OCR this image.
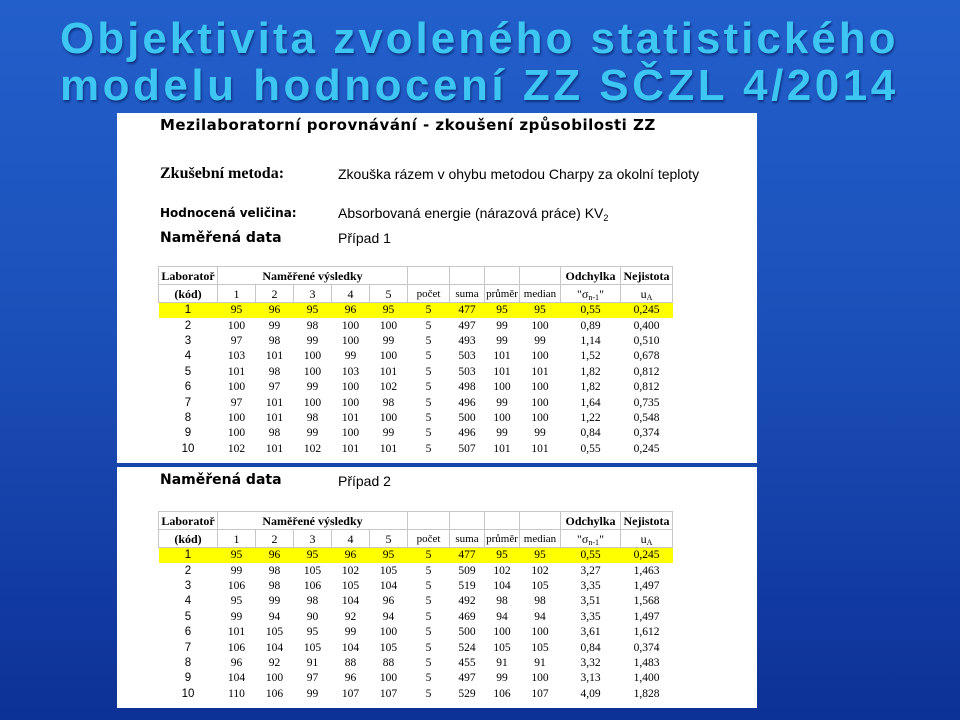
Objektivita zvoleného statistického
modelu hodnocení ZZ SČZL 4/2014
Mezilaboratorní porovnávání - zkoušení způsobilosti ZZ
Zkušební metoda:	Zkouška rázem v ohybu metodou Charpy za okolní teploty
Hodnocená veličina:	Absorbovaná energie (nárazová práce) $KV_2$
Naměřená data	Případ 1
Laboratoř	Naměřené výsledky									Odchylka	Nejistota
(kód)	1	2	3	4	5	počet	suma	průměr	median	"$\sigma_{n-1}$"	$u_A$
1	95	96	95	96	95	5	477	95	95	0,55	0,245
2	100	99	98	100	100	5	497	99	100	0,89	0,400
3	97	98	99	100	99	5	493	99	99	1,14	0,510
4	103	101	100	99	100	5	503	101	100	1,52	0,678
5	101	98	100	103	101	5	503	101	101	1,82	0,812
6	100	97	99	100	102	5	498	100	100	1,82	0,812
7	97	101	100	100	98	5	496	99	100	1,64	0,735
8	100	101	98	101	100	5	500	100	100	1,22	0,548
9	100	98	99	100	99	5	496	99	99	0,84	0,374
10	102	101	102	101	101	5	507	101	101	0,55	0,245
Naměřená data	Případ 2
Laboratoř	Naměřené výsledky									Odchylka	Nejistota
(kód)	1	2	3	4	5	počet	suma	průměr	median	"$\sigma_{n-1}$"	$u_A$
1	95	96	95	96	95	5	477	95	95	0,55	0,245
2	99	98	105	102	105	5	509	102	102	3,27	1,463
3	106	98	106	105	104	5	519	104	105	3,35	1,497
4	95	99	98	104	96	5	492	98	98	3,51	1,568
5	99	94	90	92	94	5	469	94	94	3,35	1,497
6	101	105	95	99	100	5	500	100	100	3,61	1,612
7	106	104	105	104	105	5	524	105	105	0,84	0,374
8	96	92	91	88	88	5	455	91	91	3,32	1,483
9	104	100	97	96	100	5	497	99	100	3,13	1,400
10	110	106	99	107	107	5	529	106	107	4,09	1,828
